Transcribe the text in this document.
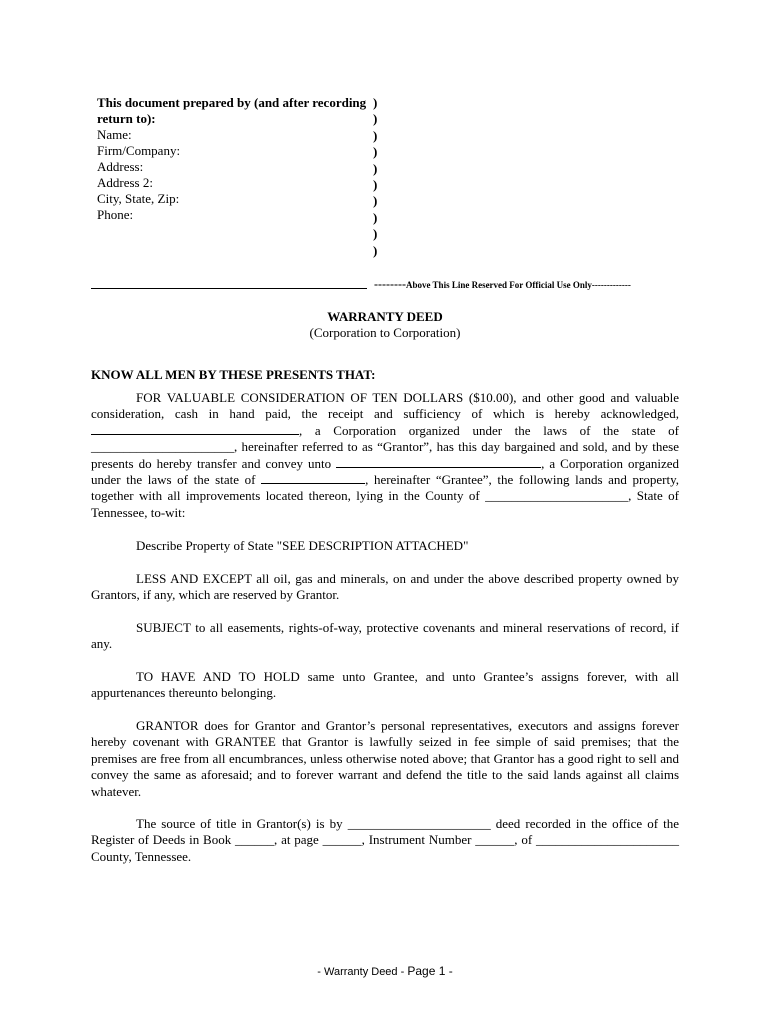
This document prepared by (and after recording return to):
Name:
Firm/Company:
Address:
Address 2:
City, State, Zip:
Phone:
)
)
)
)
)
)
)
)
)
)
--------Above This Line Reserved For Official Use Only-------------
WARRANTY DEED
(Corporation to Corporation)
KNOW ALL MEN BY THESE PRESENTS THAT:
FOR VALUABLE CONSIDERATION OF TEN DOLLARS ($10.00), and other good and valuable consideration, cash in hand paid, the receipt and sufficiency of which is hereby acknowledged, , a Corporation organized under the laws of the state of ______________________, hereinafter referred to as “Grantor”, has this day bargained and sold, and by these presents do hereby transfer and convey unto	, a Corporation organized under the laws of the state of	, hereinafter “Grantee”, the following lands and property, together with all improvements located thereon, lying in the County of ______________________, State of Tennessee, to-wit:
Describe Property of State "SEE DESCRIPTION ATTACHED"
LESS AND EXCEPT all oil, gas and minerals, on and under the above described property owned by Grantors, if any, which are reserved by Grantor.
SUBJECT to all easements, rights-of-way, protective covenants and mineral reservations of record, if any.
TO HAVE AND TO HOLD same unto Grantee, and unto Grantee’s assigns forever, with all appurtenances thereunto belonging.
GRANTOR does for Grantor and Grantor’s personal representatives, executors and assigns forever hereby covenant with GRANTEE that Grantor is lawfully seized in fee simple of said premises; that the premises are free from all encumbrances, unless otherwise noted above; that Grantor has a good right to sell and convey the same as aforesaid; and to forever warrant and defend the title to the said lands against all claims whatever.
The source of title in Grantor(s) is by ______________________ deed recorded in the office of the Register of Deeds in Book ______, at page ______, Instrument Number ______, of ______________________ County, Tennessee.
- Warranty Deed - Page 1 -
